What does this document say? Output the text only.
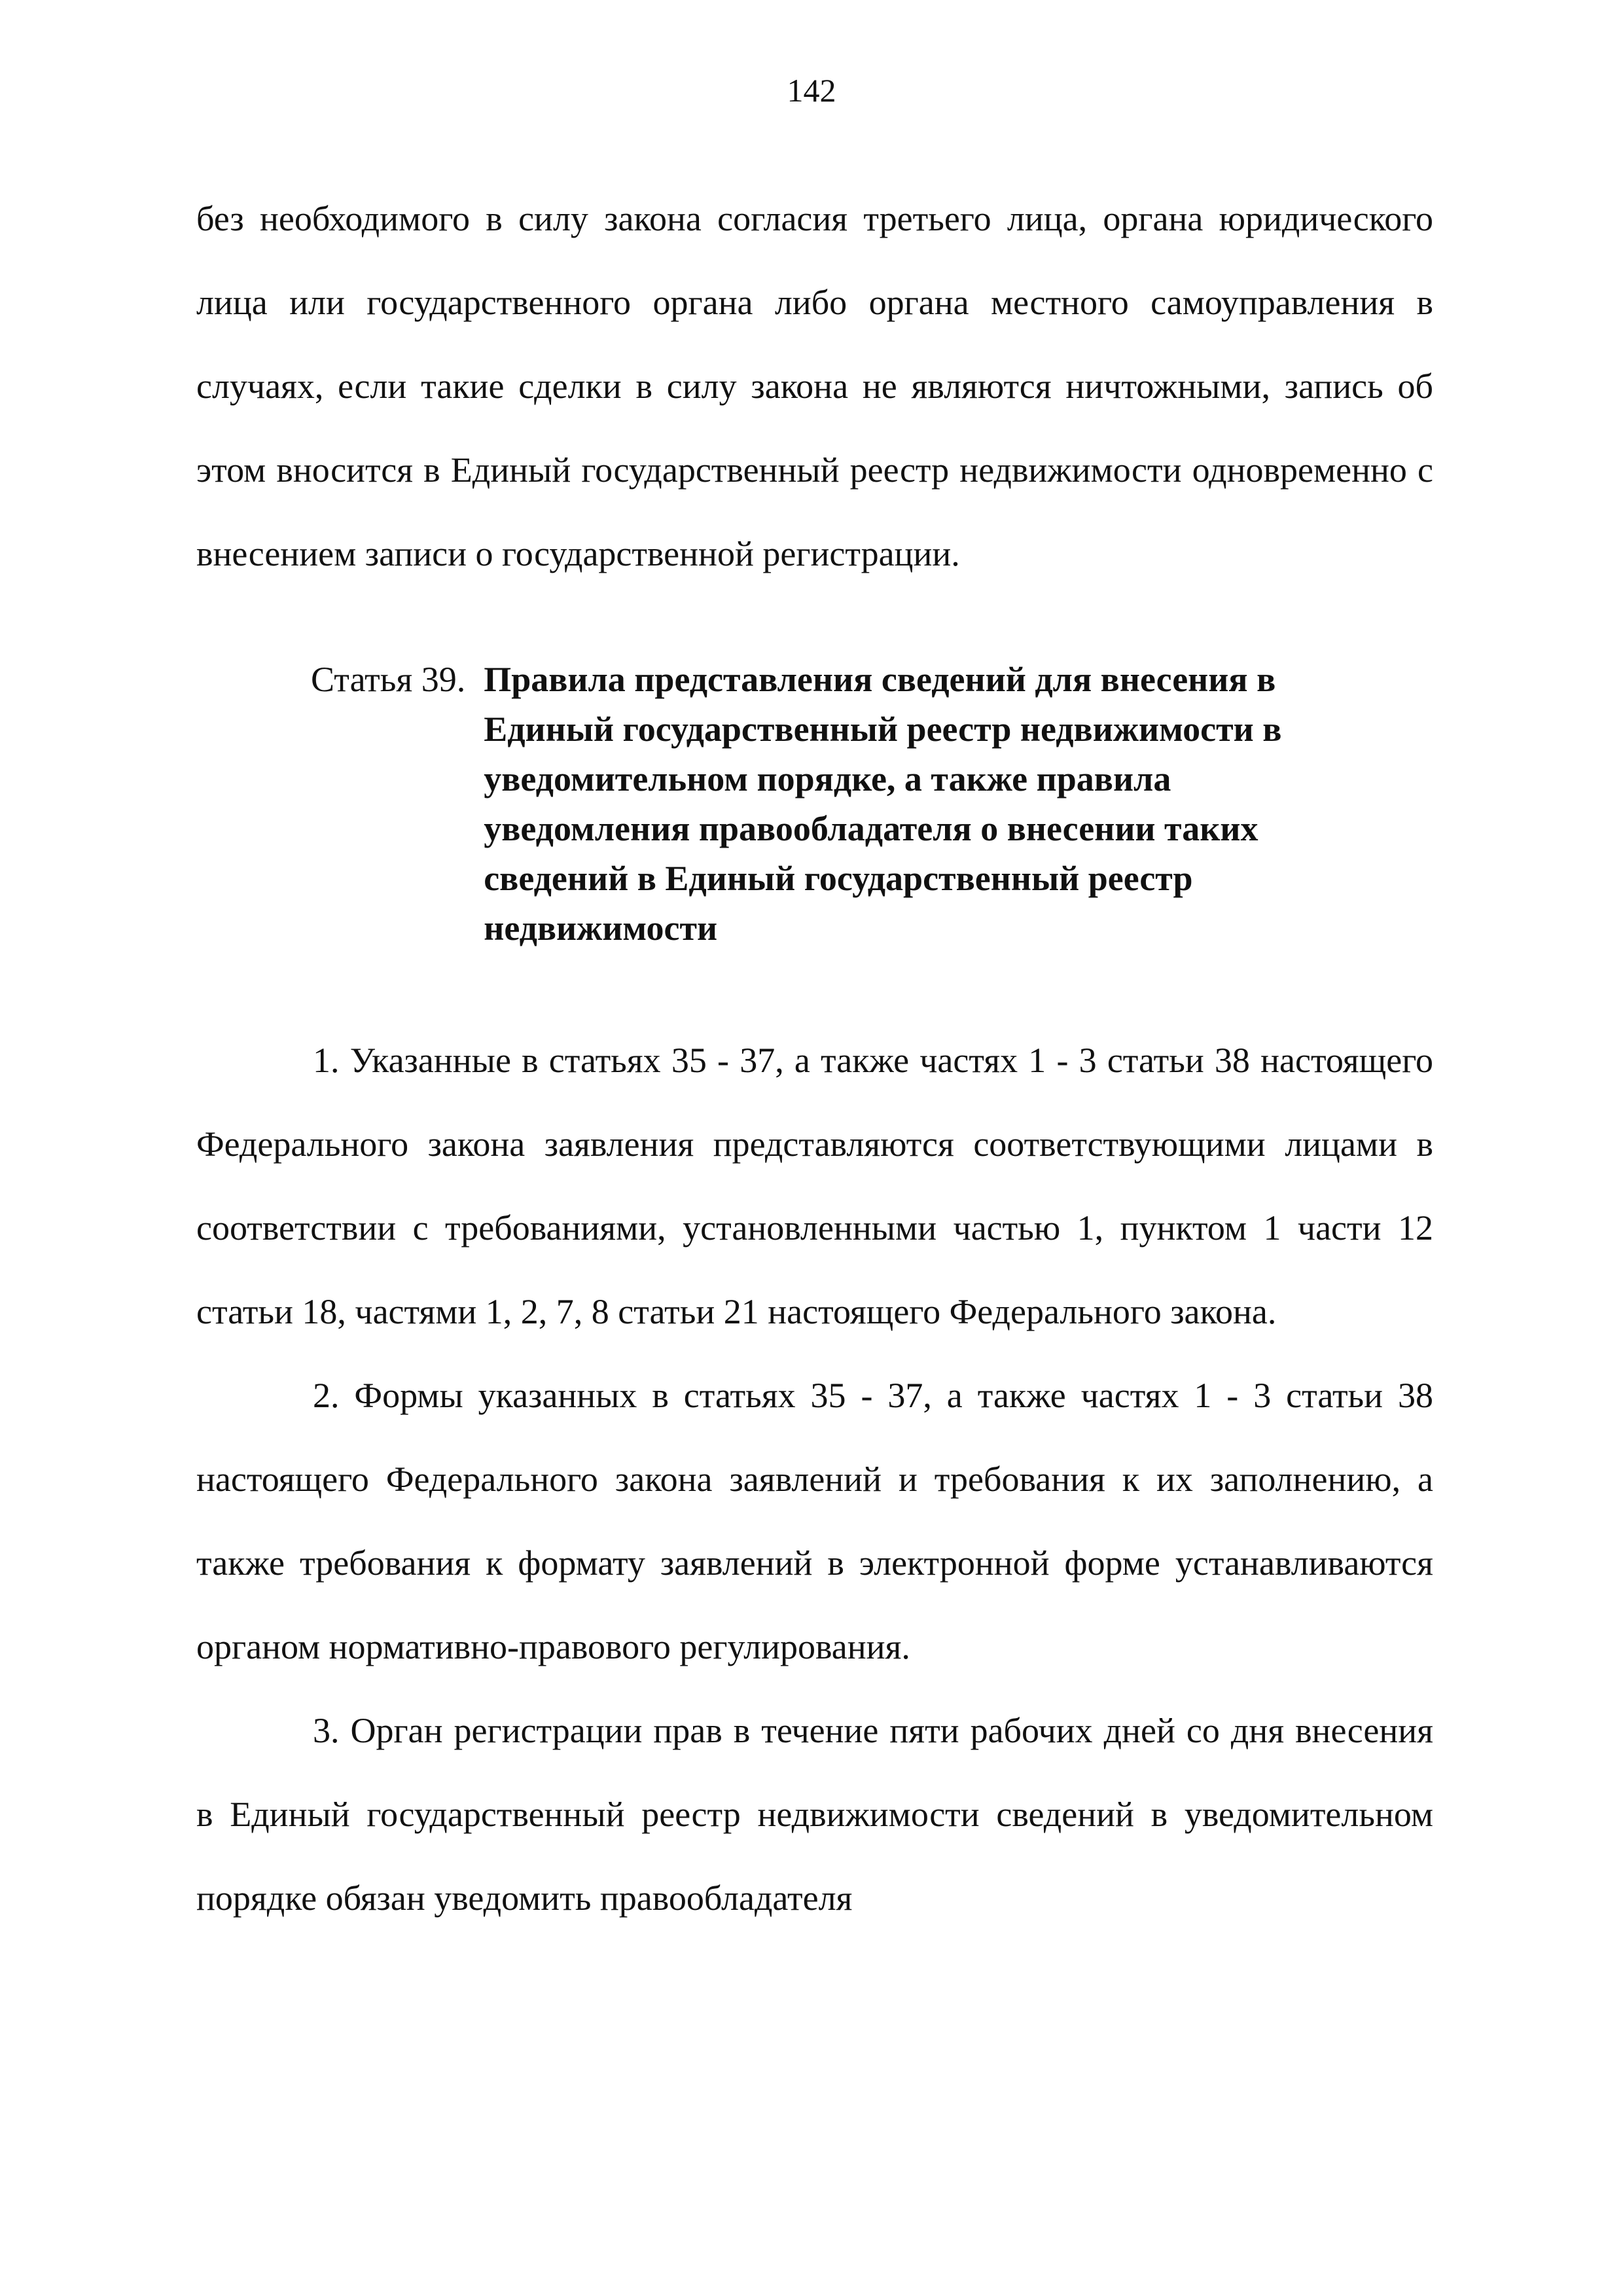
142

без необходимого в силу закона согласия третьего лица, органа юридического лица или государственного органа либо органа местного самоуправления в случаях, если такие сделки в силу закона не являются ничтожными, запись об этом вносится в Единый государственный реестр недвижимости одновременно с внесением записи о государственной регистрации.

Статья 39. Правила представления сведений для внесения в Единый государственный реестр недвижимости в уведомительном порядке, а также правила уведомления правообладателя о внесении таких сведений в Единый государственный реестр недвижимости

1. Указанные в статьях 35 - 37, а также частях 1 - 3 статьи 38 настоящего Федерального закона заявления представляются соответствующими лицами в соответствии с требованиями, установленными частью 1, пунктом 1 части 12 статьи 18, частями 1, 2, 7, 8 статьи 21 настоящего Федерального закона.

2. Формы указанных в статьях 35 - 37, а также частях 1 - 3 статьи 38 настоящего Федерального закона заявлений и требования к их заполнению, а также требования к формату заявлений в электронной форме устанавливаются органом нормативно-правового регулирования.

3. Орган регистрации прав в течение пяти рабочих дней со дня внесения в Единый государственный реестр недвижимости сведений в уведомительном порядке обязан уведомить правообладателя
